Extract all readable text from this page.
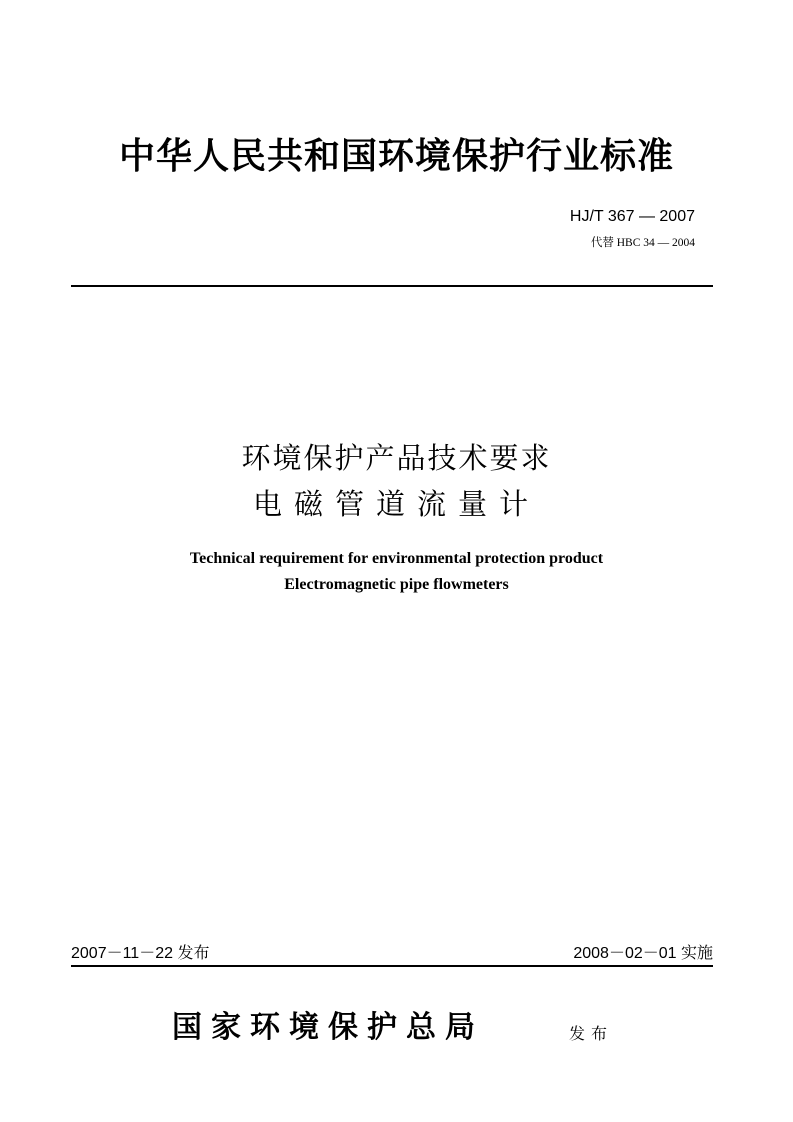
中华人民共和国环境保护行业标准
HJ/T 367 — 2007
代替 HBC 34 — 2004
环境保护产品技术要求
电磁管道流量计
Technical requirement for environmental protection product
Electromagnetic pipe flowmeters
2007－11－22 发布	2008－02－01 实施
国家环境保护总局	发布
